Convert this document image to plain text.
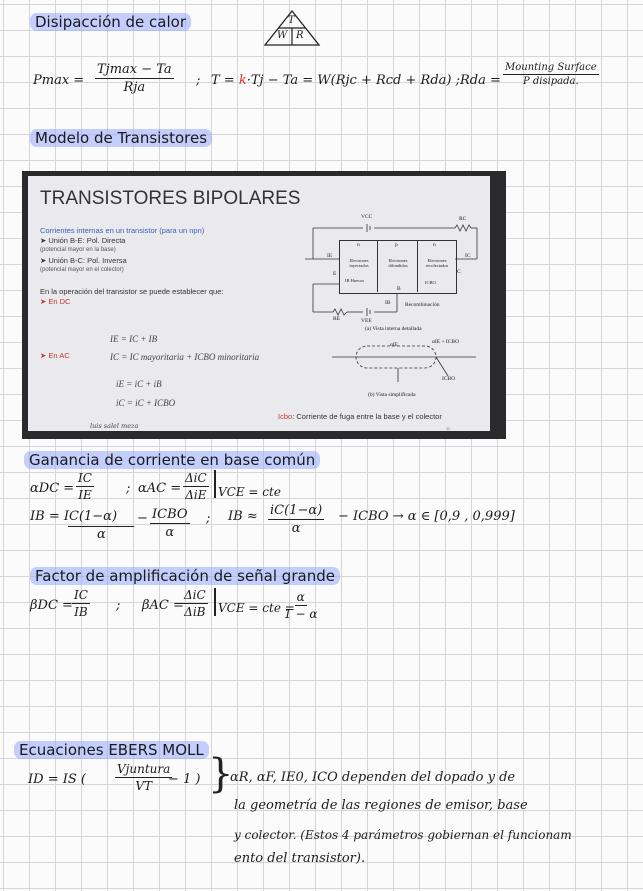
Disipacción de calor	T
W R
Pmax =
Tjmax − Ta
Rja	; T = k·Tj − Ta = W(Rjc + Rcd + Rda) ; Rda =
Mounting Surface
P disipada.
Modelo de Transistores
TRANSISTORES BIPOLARES
Corrientes internas en un transistor (para un npn)
➤ Unión B-E: Pol. Directa
(potencial mayor en la base)
➤ Unión B-C: Pol. Inversa
(potencial mayor en el colector)
En la operación del transistor se puede establecer que:
➤ En DC
➤ En AC
IE = IC + IB
IC = IC mayoritaria + ICBO minoritaria
iE = iC + iB
iC = iC + ICBO
Icbo: Corriente de fuga entre la base y el colector
luis salel meza	11
n	p	n
Electrones inyectados
Electrones difundidos
Electrones recolectados
IB Huecos	ICBO
VCC	RC
RE	VEE
E
B
C
IE
IB
IC
Recombinación
(a) Vista interna detallada
αIE	αIE + ICBO
ICBO
(b) Vista simplificada
Ganancia de corriente en base común
$\alpha DC = \frac{IC}{IE}$ ; αAC =
ΔiC
ΔiE VCE = cte
IB = IC(1−α)
α
− ICBO
α
; IB ≈ $\frac{iC(1-\alpha)}{\alpha}$ − ICBO → α ∈ [0,9 , 0,999]
Factor de amplificación de señal grande
$\beta DC = \frac{IC}{IB}$ ; βAC =
ΔiC
ΔiB VCE = cte =
$\frac{\alpha}{1 - \alpha}$
Ecuaciones EBERS MOLL
ID = IS (
Vjuntura
VT − 1 ) }
αR, αF, IE0, ICO dependen del dopado y de
la geometría de las regiones de emisor, base
y colector. (Estos 4 parámetros gobiernan el funcionam
ento del transistor).
